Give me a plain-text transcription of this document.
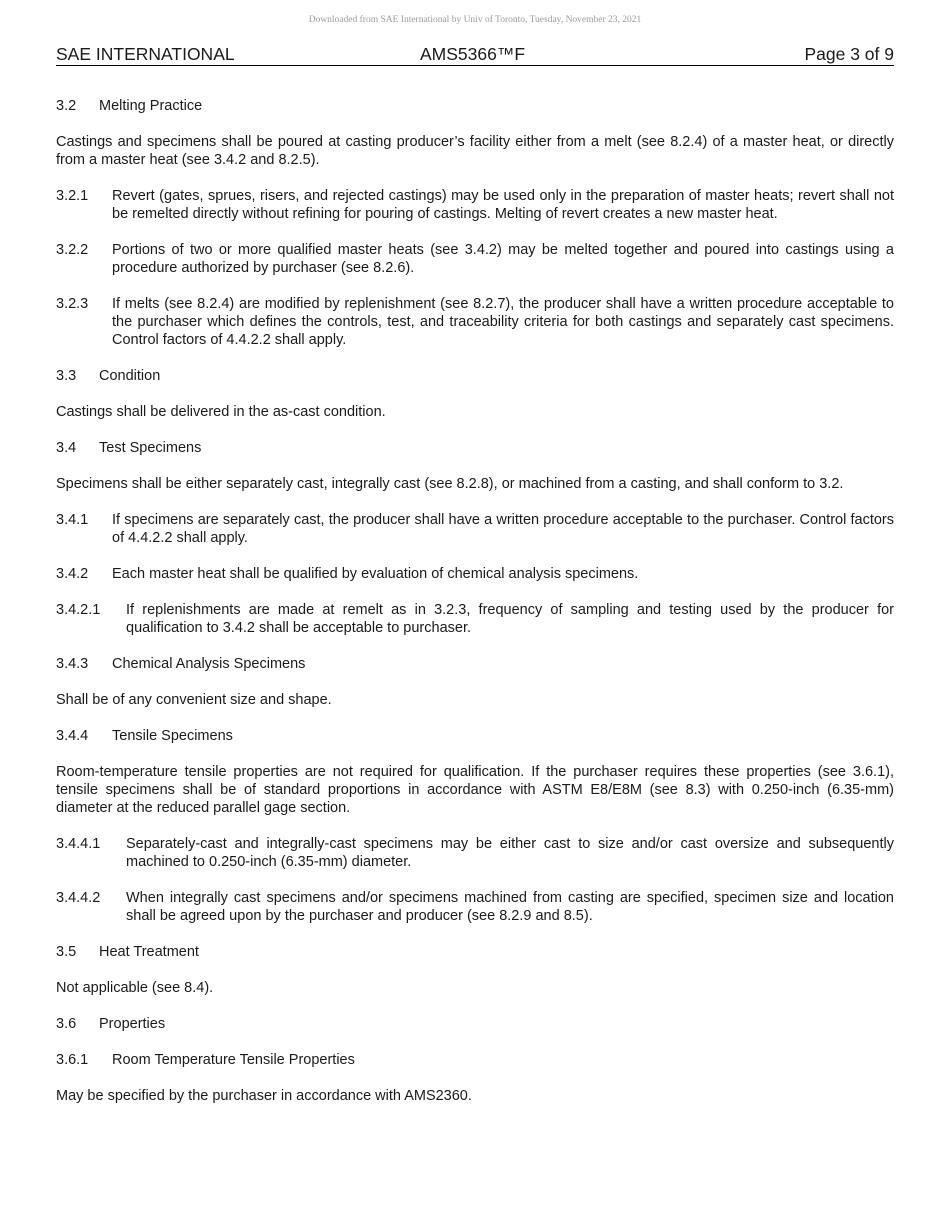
Downloaded from SAE International by Univ of Toronto, Tuesday, November 23, 2021
SAE INTERNATIONAL	AMS5366™F	Page 3 of 9
3.2	Melting Practice

Castings and specimens shall be poured at casting producer’s facility either from a melt (see 8.2.4) of a master heat, or directly from a master heat (see 3.4.2 and 8.2.5).

3.2.1	Revert (gates, sprues, risers, and rejected castings) may be used only in the preparation of master heats; revert shall not be remelted directly without refining for pouring of castings. Melting of revert creates a new master heat.
3.2.2	Portions of two or more qualified master heats (see 3.4.2) may be melted together and poured into castings using a procedure authorized by purchaser (see 8.2.6).
3.2.3	If melts (see 8.2.4) are modified by replenishment (see 8.2.7), the producer shall have a written procedure acceptable to the purchaser which defines the controls, test, and traceability criteria for both castings and separately cast specimens. Control factors of 4.4.2.2 shall apply.
3.3	Condition

Castings shall be delivered in the as-cast condition.

3.4	Test Specimens

Specimens shall be either separately cast, integrally cast (see 8.2.8), or machined from a casting, and shall conform to 3.2.

3.4.1	If specimens are separately cast, the producer shall have a written procedure acceptable to the purchaser. Control factors of 4.4.2.2 shall apply.
3.4.2	Each master heat shall be qualified by evaluation of chemical analysis specimens.
3.4.2.1	If replenishments are made at remelt as in 3.2.3, frequency of sampling and testing used by the producer for qualification to 3.4.2 shall be acceptable to purchaser.
3.4.3	Chemical Analysis Specimens

Shall be of any convenient size and shape.

3.4.4	Tensile Specimens

Room-temperature tensile properties are not required for qualification. If the purchaser requires these properties (see 3.6.1), tensile specimens shall be of standard proportions in accordance with ASTM E8/E8M (see 8.3) with 0.250-inch (6.35-mm) diameter at the reduced parallel gage section.

3.4.4.1	Separately-cast and integrally-cast specimens may be either cast to size and/or cast oversize and subsequently machined to 0.250-inch (6.35-mm) diameter.
3.4.4.2	When integrally cast specimens and/or specimens machined from casting are specified, specimen size and location shall be agreed upon by the purchaser and producer (see 8.2.9 and 8.5).
3.5	Heat Treatment

Not applicable (see 8.4).

3.6	Properties
3.6.1	Room Temperature Tensile Properties

May be specified by the purchaser in accordance with AMS2360.
